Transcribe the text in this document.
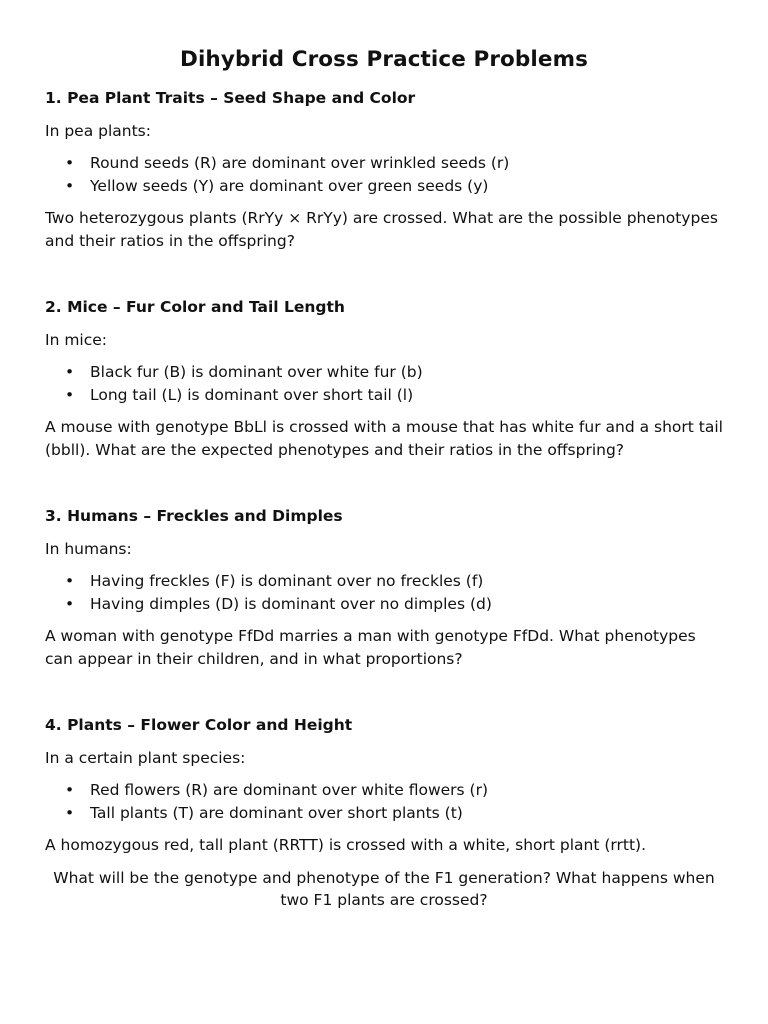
Dihybrid Cross Practice Problems
1. Pea Plant Traits – Seed Shape and Color

In pea plants:

• Round seeds (R) are dominant over wrinkled seeds (r)
• Yellow seeds (Y) are dominant over green seeds (y)

Two heterozygous plants (RrYy × RrYy) are crossed. What are the possible phenotypes and their ratios in the offspring?

2. Mice – Fur Color and Tail Length

In mice:

• Black fur (B) is dominant over white fur (b)
• Long tail (L) is dominant over short tail (l)

A mouse with genotype BbLl is crossed with a mouse that has white fur and a short tail (bbll). What are the expected phenotypes and their ratios in the offspring?

3. Humans – Freckles and Dimples

In humans:

• Having freckles (F) is dominant over no freckles (f)
• Having dimples (D) is dominant over no dimples (d)

A woman with genotype FfDd marries a man with genotype FfDd. What phenotypes can appear in their children, and in what proportions?

4. Plants – Flower Color and Height

In a certain plant species:

• Red flowers (R) are dominant over white flowers (r)
• Tall plants (T) are dominant over short plants (t)

A homozygous red, tall plant (RRTT) is crossed with a white, short plant (rrtt).

What will be the genotype and phenotype of the F1 generation? What happens when two F1 plants are crossed?
